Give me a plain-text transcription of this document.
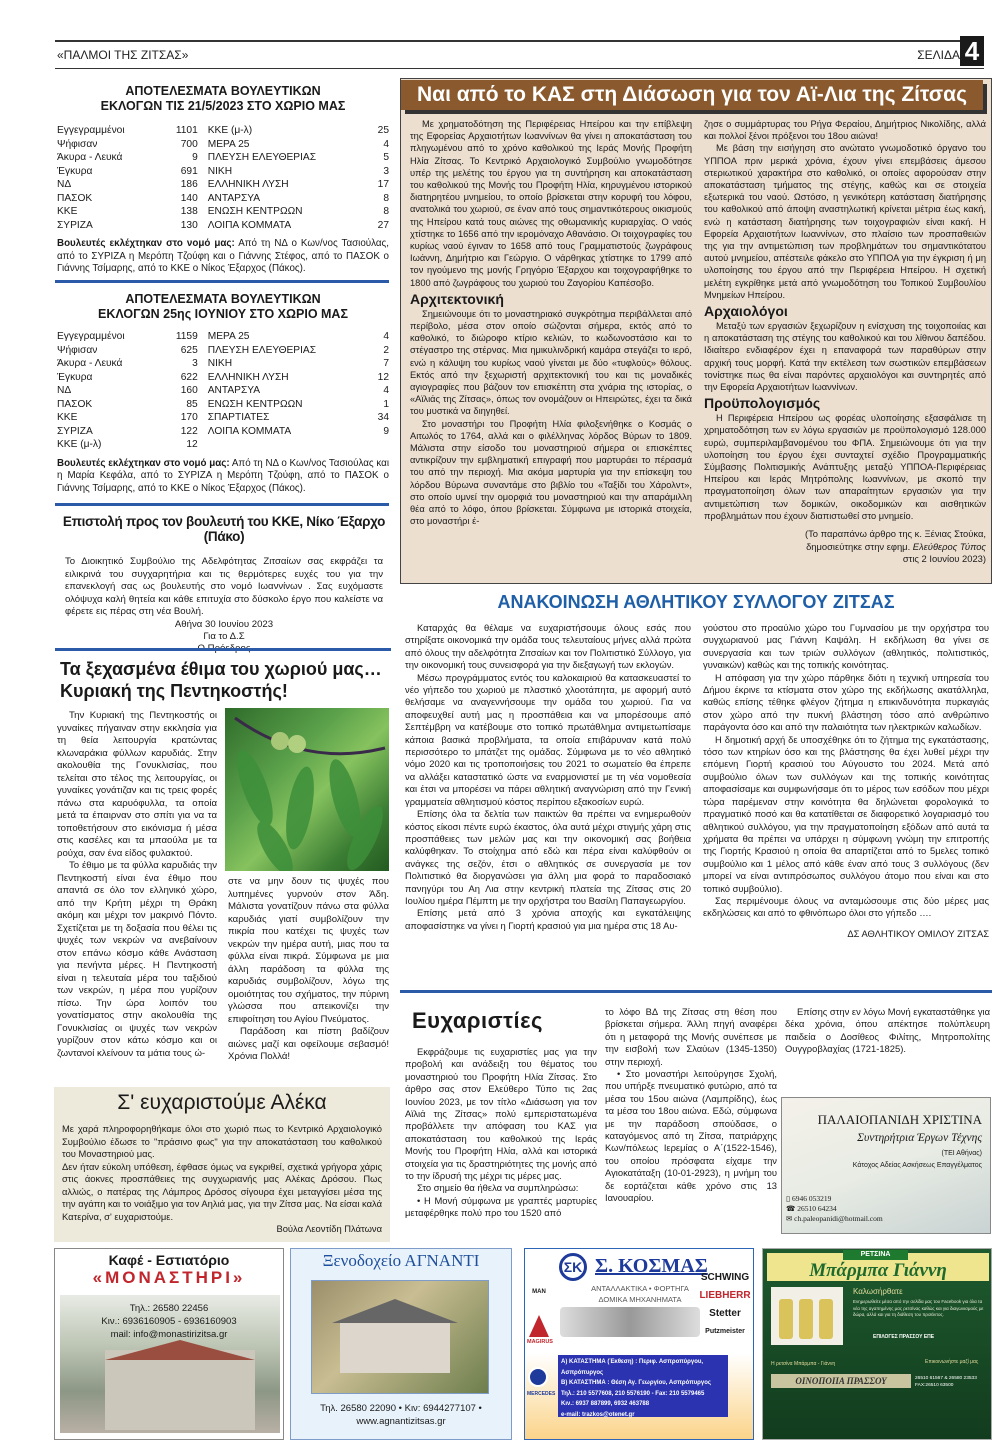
«ΠΑΛΜΟΙ ΤΗΣ ΖΙΤΣΑΣ»	ΣΕΛΙΔΑ 4
ΑΠΟΤΕΛΕΣΜΑΤΑ ΒΟΥΛΕΥΤΙΚΩΝ
ΕΚΛΟΓΩΝ ΤΙΣ 21/5/2023 ΣΤΟ ΧΩΡΙΟ ΜΑΣ
Εγγεγραμμένοι	1101	ΚΚΕ (μ-λ)	25
Ψήφισαν	700	ΜΕΡΑ 25	4
Άκυρα - Λευκά	9	ΠΛΕΥΣΗ ΕΛΕΥΘΕΡΙΑΣ	5
Έγκυρα	691	ΝΙΚΗ	3
ΝΔ	186	ΕΛΛΗΝΙΚΗ ΛΥΣΗ	17
ΠΑΣΟΚ	140	ΑΝΤΑΡΣΥΑ	8
ΚΚΕ	138	ΕΝΩΣΗ ΚΕΝΤΡΩΩΝ	8
ΣΥΡΙΖΑ	130	ΛΟΙΠΑ ΚΟΜΜΑΤΑ	27

Βουλευτές εκλέχτηκαν στο νομό μας: Από τη ΝΔ ο Κων/νος Τασιούλας, από το ΣΥΡΙΖΑ η Μερόπη Τζούφη και ο Γιάννης Στέφος, από το ΠΑΣΟΚ ο Γιάννης Τσίμαρης, από το ΚΚΕ ο Νίκος Έξαρχος (Πάκος).

ΑΠΟΤΕΛΕΣΜΑΤΑ ΒΟΥΛΕΥΤΙΚΩΝ
ΕΚΛΟΓΩΝ 25ης ΙΟΥΝΙΟΥ ΣΤΟ ΧΩΡΙΟ ΜΑΣ
Εγγεγραμμένοι	1159	ΜΕΡΑ 25	4
Ψήφισαν	625	ΠΛΕΥΣΗ ΕΛΕΥΘΕΡΙΑΣ	2
Άκυρα - Λευκά	3	ΝΙΚΗ	7
Έγκυρα	622	ΕΛΛΗΝΙΚΗ ΛΥΣΗ	12
ΝΔ	160	ΑΝΤΑΡΣΥΑ	4
ΠΑΣΟΚ	85	ΕΝΩΣΗ ΚΕΝΤΡΩΩΝ	1
ΚΚΕ	170	ΣΠΑΡΤΙΑΤΕΣ	34
ΣΥΡΙΖΑ	122	ΛΟΙΠΑ ΚΟΜΜΑΤΑ	9
ΚΚΕ (μ-λ)	12		

Βουλευτές εκλέχτηκαν στο νομό μας: Από τη ΝΔ ο Κων/νος Τασιούλας και η Μαρία Κεφάλα, από το ΣΥΡΙΖΑ η Μερόπη Τζούφη, από το ΠΑΣΟΚ ο Γιάννης Τσίμαρης, από το ΚΚΕ ο Νίκος Έξαρχος (Πάκος).

Επιστολή προς τον βουλευτή του ΚΚΕ, Νίκο Έξαρχο (Πάκο)

Το Διοικητικό Συμβούλιο της Αδελφότητας Ζιτσαίων σας εκφράζει τα ειλικρινά του συγχαρητήρια και τις θερμότερες ευχές του για την επανεκλογή σας ως βουλευτής στο νομό Ιωαννίνων . Σας ευχόμαστε ολόψυχα καλή θητεία και κάθε επιτυχία στο δύσκολο έργο που καλείστε να φέρετε εις πέρας στη νέα Βουλή.

Αθήνα 30 Ιουνίου 2023
Για το Δ.Σ
Τα ξεχασμένα έθιμα του χωριού μας…
Κυριακή της Πεντηκοστής!

Την Κυριακή της Πεντηκοστής οι γυναίκες πήγαιναν στην εκκλησία για τη θεία λειτουργία κρατώντας κλωναράκια φύλλων καρυδιάς. Στην ακολουθία της Γονυκλισίας, που τελείται στο τέλος της λειτουργίας, οι γυναίκες γονάτιζαν και τις τρεις φορές πάνω στα καρυόφυλλα, τα οποία μετά τα έπαιρναν στο σπίτι για να τα τοποθετήσουν στο εικόνισμα ή μέσα στις κασέλες και τα μπαούλα με τα ρούχα, σαν ένα είδος φυλακτού.

Το έθιμο με τα φύλλα καρυδιάς την Πεντηκοστή είναι ένα έθιμο που απαντά σε όλο τον ελληνικό χώρο, από την Κρήτη μέχρι τη Θράκη ακόμη και μέχρι τον μακρινό Πόντο. Σχετίζεται με τη δοξασία που θέλει τις ψυχές των νεκρών να ανεβαίνουν στον επάνω κόσμο κάθε Ανάσταση για πενήντα μέρες. Η Πεντηκοστή είναι η τελευταία μέρα του ταξιδιού των νεκρών, η μέρα που γυρίζουν πίσω. Την ώρα λοιπόν του γονατίσματος στην ακολουθία της Γονυκλισίας οι ψυχές των νεκρών γυρίζουν στον κάτω κόσμο και οι ζωντανοί κλείνουν τα μάτια τους ώ-

στε να μην δουν τις ψυχές που λυπημένες γυρνούν στον Άδη. Μάλιστα γονατίζουν πάνω στα φύλλα καρυδιάς γιατί συμβολίζουν την πικρία που κατέχει τις ψυχές των νεκρών την ημέρα αυτή, μιας που τα φύλλα είναι πικρά. Σύμφωνα με μια άλλη παράδοση τα φύλλα της καρυδιάς συμβολίζουν, λόγω της ομοιότητας του σχήματος, την πύρινη γλώσσα που απεικονίζει την επιφοίτηση του Αγίου Πνεύματος.

Παράδοση και πίστη βαδίζουν αιώνες μαζί και οφείλουμε σεβασμό! Χρόνια Πολλά!

Σ' ευχαριστούμε Αλέκα

Με χαρά πληροφορηθήκαμε όλοι στο χωριό πως το Κεντρικό Αρχαιολογικό Συμβούλιο έδωσε το "πράσινο φως" για την αποκατάσταση του καθολικού του Μοναστηριού μας.

Δεν ήταν εύκολη υπόθεση, έφθασε όμως να εγκριθεί, σχετικά γρήγορα χάρις στις άοκνες προσπάθειες της συγχωριανής μας Αλέκας Δρόσου. Πως αλλιώς, ο πατέρας της Λάμπρος Δρόσος σίγουρα έχει μεταγγίσει μέσα της την αγάπη και το νοιάξιμο για τον Αηλιά μας, για την Ζίτσα μας. Να είσαι καλά Κατερίνα, σ' ευχαριστούμε.

Βούλα Λεοντίδη Πλάτωνα
Ναι από το ΚΑΣ στη Διάσωση για τον Αϊ-Λια της Ζίτσας

Με χρηματοδότηση της Περιφέρειας Ηπείρου και την επίβλεψη της Εφορείας Αρχαιοτήτων Ιωαννίνων θα γίνει η αποκατάσταση του πληγωμένου από το χρόνο καθολικού της Ιεράς Μονής Προφήτη Ηλία Ζίτσας. Το Κεντρικό Αρχαιολογικό Συμβούλιο γνωμοδότησε υπέρ της μελέτης του έργου για τη συντήρηση και αποκατάσταση του καθολικού της Μονής του Προφήτη Ηλία, κηρυγμένου ιστορικού διατηρητέου μνημείου, το οποίο βρίσκεται στην κορυφή του λόφου, ανατολικά του χωριού, σε έναν από τους σημαντικότερους οικισμούς της Ηπείρου κατά τους αιώνες της οθωμανικής κυριαρχίας. Ο ναός χτίστηκε το 1656 από την ιερομόναχο Αθανάσιο. Οι τοιχογραφίες του κυρίως ναού έγιναν το 1658 από τους Γραμματιστούς ζωγράφους Ιωάννη, Δημήτριο και Γεώργιο. Ο νάρθηκας χτίστηκε το 1799 από τον ηγούμενο της μονής Γρηγόριο Έξαρχου και τοιχογραφήθηκε το 1800 από ζωγράφους του χωριού του Ζαγορίου Καπέσοβο.

Αρχιτεκτονική

Σημειώνουμε ότι το μοναστηριακό συγκρότημα περιβάλλεται από περίβολο, μέσα στον οποίο σώζονται σήμερα, εκτός από το καθολικό, το διώροφο κτίριο κελιών, το κωδωνοστάσιο και το στέγαστρο της στέρνας. Μια ημικυλινδρική καμάρα στεγάζει το ιερό, ενώ η κάλυψη του κυρίως ναού γίνεται με δύο «τυφλούς» θόλους. Εκτός από την ξεχωριστή αρχιτεκτονική του και τις μοναδικές αγιογραφίες που βάζουν τον επισκέπτη στα χνάρια της ιστορίας, ο «Αϊλιάς της Ζίτσας», όπως τον ονομάζουν οι Ηπειρώτες, έχει τα δικά του μυστικά να διηγηθεί.

Στο μοναστήρι του Προφήτη Ηλία φιλοξενήθηκε ο Κοσμάς ο Αιτωλός το 1764, αλλά και ο φιλέλληνας λόρδος Βύρων το 1809. Μάλιστα στην είσοδο του μοναστηριού σήμερα οι επισκέπτες αντικρίζουν την εμβληματική επιγραφή που μαρτυράει το πέρασμά του από την περιοχή. Μια ακόμα μαρτυρία για την επίσκεψη του λόρδου Βύρωνα συναντάμε στο βιβλίο του «Ταξίδι του Χάρολντ», στο οποίο υμνεί την ομορφιά του μοναστηριού και την απαράμιλλη θέα από το λόφο, όπου βρίσκεται. Σύμφωνα με ιστορικά στοιχεία, στο μοναστήρι έ-

ζησε ο συμμάρτυρας του Ρήγα Φεραίου, Δημήτριος Νικολίδης, αλλά και πολλοί ξένοι πρόξενοι του 18ου αιώνα!

Με βάση την εισήγηση στο ανώτατο γνωμοδοτικό όργανο του ΥΠΠΟΑ πριν μερικά χρόνια, έχουν γίνει επεμβάσεις άμεσου στεριωτικού χαρακτήρα στο καθολικό, οι οποίες αφορούσαν στην αποκατάσταση τμήματος της στέγης, καθώς και σε στοιχεία εξωτερικά του ναού. Ωστόσο, η γενικότερη κατάσταση διατήρησης του καθολικού από άποψη αναστηλωτική κρίνεται μέτρια έως κακή, ενώ η κατάσταση διατήρησης των τοιχογραφιών είναι κακή. Η Εφορεία Αρχαιοτήτων Ιωαννίνων, στο πλαίσιο των προσπαθειών της για την αντιμετώπιση των προβλημάτων του σημαντικότατου αυτού μνημείου, απέστειλε φάκελο στο ΥΠΠΟΑ για την έγκριση ή μη υλοποίησης του έργου από την Περιφέρεια Ηπείρου. Η σχετική μελέτη εγκρίθηκε μετά από γνωμοδότηση του Τοπικού Συμβουλίου Μνημείων Ηπείρου.

Αρχαιολόγοι

Μεταξύ των εργασιών ξεχωρίζουν η ενίσχυση της τοιχοποιίας και η αποκατάσταση της στέγης του καθολικού και του λίθινου δαπέδου. Ιδιαίτερο ενδιαφέρον έχει η επαναφορά των παραθύρων στην αρχική τους μορφή. Κατά την εκτέλεση των σωστικών επεμβάσεων τονίστηκε πως θα είναι παρόντες αρχαιολόγοι και συντηρητές από την Εφορεία Αρχαιοτήτων Ιωαννίνων.

Προϋπολογισμός

Η Περιφέρεια Ηπείρου ως φορέας υλοποίησης εξασφάλισε τη χρηματοδότηση των εν λόγω εργασιών με προϋπολογισμό 128.000 ευρώ, συμπεριλαμβανομένου του ΦΠΑ. Σημειώνουμε ότι για την υλοποίηση του έργου έχει συνταχτεί σχέδιο Προγραμματικής Σύμβασης Πολιτισμικής Ανάπτυξης μεταξύ ΥΠΠΟΑ-Περιφέρειας Ηπείρου και Ιεράς Μητρόπολης Ιωαννίνων, με σκοπό την πραγματοποίηση όλων των απαραίτητων εργασιών για την αντιμετώπιση των δομικών, οικοδομικών και αισθητικών προβλημάτων που έχουν διαπιστωθεί στο μνημείο.

(Το παραπάνω άρθρο της κ. Ξένιας Στούκα,
δημοσιεύτηκε στην εφημ. Ελεύθερος Τύπος
στις 2 Ιουνίου 2023)
ΑΝΑΚΟΙΝΩΣΗ ΑΘΛΗΤΙΚΟΥ ΣΥΛΛΟΓΟΥ ΖΙΤΣΑΣ

Καταρχάς θα θέλαμε να ευχαριστήσουμε όλους εσάς που στηρίξατε οικονομικά την ομάδα τους τελευταίους μήνες αλλά πρώτα από όλους την αδελφότητα Ζιτσαίων και τον Πολιτιστικό Σύλλογο, για την οικονομική τους συνεισφορά για την διεξαγωγή των εκλογών.

Μέσω προγράμματος εντός του καλοκαιριού θα κατασκευαστεί το νέο γήπεδο του χωριού με πλαστικό χλοοτάπητα, με αφορμή αυτό θελήσαμε να αναγεννήσουμε την ομάδα του χωριού. Για να αποφευχθεί αυτή μας η προσπάθεια και να μπορέσουμε από Σεπτέμβρη να κατέβουμε στο τοπικό πρωτάθλημα αντιμετωπίσαμε κάποια βασικά προβλήματα, τα οποία επιβάρυναν κατά πολύ περισσότερο το μπάτζετ της ομάδας. Σύμφωνα με το νέο αθλητικό νόμο 2020 και τις τροποποιήσεις του 2021 το σωματείο θα έπρεπε να αλλάξει καταστατικό ώστε να εναρμονιστεί με τη νέα νομοθεσία και έτσι να μπορέσει να πάρει αθλητική αναγνώριση από την Γενική γραμματεία αθλητισμού κόστος περίπου εξακοσίων ευρώ.

Επίσης όλα τα δελτία των παικτών θα πρέπει να ενημερωθούν κόστος είκοσι πέντε ευρώ έκαστος, όλα αυτά μέχρι στιγμής χάρη στις προσπάθειες των μελών μας και την οικονομική σας βοήθεια καλύφθηκαν. Το στοίχημα από εδώ και πέρα είναι καλύφθούν οι ανάγκες της σεζόν, έτσι ο αθλητικός σε συνεργασία με τον Πολιτιστικό θα διοργανώσει για άλλη μια φορά το παραδοσιακό πανηγύρι του Αη Λια στην κεντρική πλατεία της Ζίτσας στις 20 Ιουλίου ημέρα Πέμπτη με την ορχήστρα του Βασίλη Παπαγεωργίου.

Επίσης μετά από 3 χρόνια αποχής και εγκατάλειψης αποφασίστηκε να γίνει η Γιορτή κρασιού για μια ημέρα στις 18 Αυ-

γούστου στο προαύλιο χώρο του Γυμνασίου με την ορχήστρα του συγχωριανού μας Γιάννη Καψάλη. Η εκδήλωση θα γίνει σε συνεργασία και των τριών συλλόγων (αθλητικός, πολιτιστικός, γυναικών) καθώς και της τοπικής κοινότητας.

Η απόφαση για την χώρο πάρθηκε διότι η τεχνική υπηρεσία του Δήμου έκρινε τα κτίσματα στον χώρο της εκδήλωσης ακατάλληλα, καθώς επίσης τέθηκε φλέγον ζήτημα η επικινδυνότητα πυρκαγιάς στον χώρο από την πυκνή βλάστηση τόσο από ανθρώπινο παράγοντα όσο και από την παλαιότητα των ηλεκτρικών καλωδίων.

Η δημοτική αρχή δε υποσχέθηκε ότι το ζήτημα της εγκατάστασης, τόσο των κτηρίων όσο και της βλάστησης θα έχει λυθεί μέχρι την επόμενη Γιορτή κρασιού του Αύγουστο του 2024. Μετά από συμβούλιο όλων των συλλόγων και της τοπικής κοινότητας αποφασίσαμε και συμφωνήσαμε ότι το μέρος των εσόδων που μέχρι τώρα παρέμεναν στην κοινότητα θα δηλώνεται φορολογικά το πραγματικό ποσό και θα κατατίθεται σε διαφορετικό λογαριασμό του αθλητικού συλλόγου, για την πραγματοποίηση εξόδων από αυτά τα χρήματα θα πρέπει να υπάρχει η σύμφωνη γνώμη την επιτροπής της Γιορτής Κρασιού η οποία θα απαρτίζεται από το 5μελες τοπικό συμβούλιο και 1 μέλος από κάθε έναν από τους 3 συλλόγους (δεν μπορεί να είναι αντιπρόσωπος συλλόγου άτομο που είναι και στο τοπικό συμβούλιο).

Σας περιμένουμε όλους να ανταμώσουμε στις δύο μέρες μας εκδηλώσεις και από το φθινόπωρο όλοι στο γήπεδο ….

ΔΣ ΑΘΛΗΤΙΚΟΥ ΟΜΙΛΟΥ ΖΙΤΣΑΣ
Ευχαριστίες

Εκφράζουμε τις ευχαριστίες μας για την προβολή και ανάδειξη του θέματος του μοναστηριού του Προφήτη Ηλία Ζίτσας. Στο άρθρο σας στον Ελεύθερο Τύπο τις 2ας Ιουνίου 2023, με τον τίτλο «Διάσωση για τον Αϊλιά της Ζίτσας» πολύ εμπεριστατωμένα προβάλλετε την απόφαση του ΚΑΣ για αποκατάσταση του καθολικού της Ιεράς Μονής του Προφήτη Ηλία, αλλά και ιστορικά στοιχεία για τις δραστηριότητες της μονής από το την ίδρυσή της μέχρι τις μέρες μας.

Στο σημείο θα ήθελα να συμπληρώσω:

• Η Μονή σύμφωνα με γραπτές μαρτυρίες μεταφέρθηκε πολύ προ του 1520 από

το λόφο ΒΔ της Ζίτσας στη θέση που βρίσκεται σήμερα. Άλλη πηγή αναφέρει ότι η μεταφορά της Μονής συνέπεσε με την εισβολή των Σλαύων (1345-1350) στην περιοχή.

• Στο μοναστήρι λειτούργησε Σχολή, που υπήρξε πνευματικό φυτώριο, από τα μέσα του 15ου αιώνα (Λαμπρίδης), έως τα μέσα του 18ου αιώνα. Εδώ, σύμφωνα με την παράδοση σπούδασε, ο καταγόμενος από τη Ζίτσα, πατριάρχης Κων/πόλεως Ιερεμίας ο Α΄(1522-1546), του οποίου πρόσφατα είχαμε την Αγιοκατάταξη (10-01-2923), η μνήμη του δε εορτάζεται κάθε χρόνο στις 13 Ιανουαρίου.

Επίσης στην εν λόγω Μονή εγκαταστάθηκε για δέκα χρόνια, όπου απέκτησε πολύπλευρη παιδεία ο Δοσίθεος Φιλίτης, Μητροπολίτης Ουγγροβλαχίας (1721-1825).

ΠΑΛΑΙΟΠΑΝΙΔΗ ΧΡΙΣΤΙΝΑ
Συντηρήτρια Έργων Τέχνης
(ΤΕΙ Αθήνας)
Κάτοχος Αδείας Ασκήσεως Επαγγέλματος
▯ 6946 053219
☎ 26510 64234
✉ ch.paleopanidi@hotmail.com
Καφέ - Εστιατόριο
«ΜΟΝΑΣΤΗΡΙ»
Τηλ.: 26580 22456
Κιν.: 6936160905 - 6936160903
mail: info@monastirizitsa.gr
Ξενοδοχείο ΑΓΝΑΝΤΙ
Τηλ. 26580 22090 • Κιν: 6944277107 •
www.agnantizitsas.gr
ΣΚ Σ. ΚΟΣΜΑΣ
ΑΝΤΑΛΛΑΚΤΙΚΑ • ΦΟΡΤΗΓΑ
ΔΟΜΙΚΑ ΜΗΧΑΝΗΜΑΤΑ
MAN
MAGIRUS
MERCEDES
SCHWING
LIEBHERR
Stetter
Putzmeister
Α) ΚΑΤΑΣΤΗΜΑ (Έκθεση) : Περιφ. Ασπροπύργου, Ασπρόπυργος
Β) ΚΑΤΑΣΤΗΜΑ : Θέση Αγ. Γεωργίου, Ασπρόπυργος
Τηλ.: 210 5577608, 210 5576190 - Fax: 210 5579465
Κιν.: 6937 887899, 6932 463788
e-mail: trazkos@otenet.gr
ΡΕΤΣΙΝΑ
Μπάρμπα Γιάννη
Καλωσήρθατε
Ενημερωθείτε μέσα από την σελίδα μας του Facebook για όλα τα νέα της αγαπημένης μας ρετσίνας καθώς και για διαγωνισμούς με δώρα, αλλά και για τη διάθεση του προϊόντος.
ΕΠΙΛΟΓΕΣ ΠΡΑΣΣΟΥ ΕΠΕ
Η ρετσίνα Μπάρμπα - Γιάννη	Επικοινωνήστε μαζί μας
ΟΙΝΟΠΟΙΙΑ ΠΡΑΣΣΟΥ	26510 61567 & 26580 23533
FAX:26510 63500
